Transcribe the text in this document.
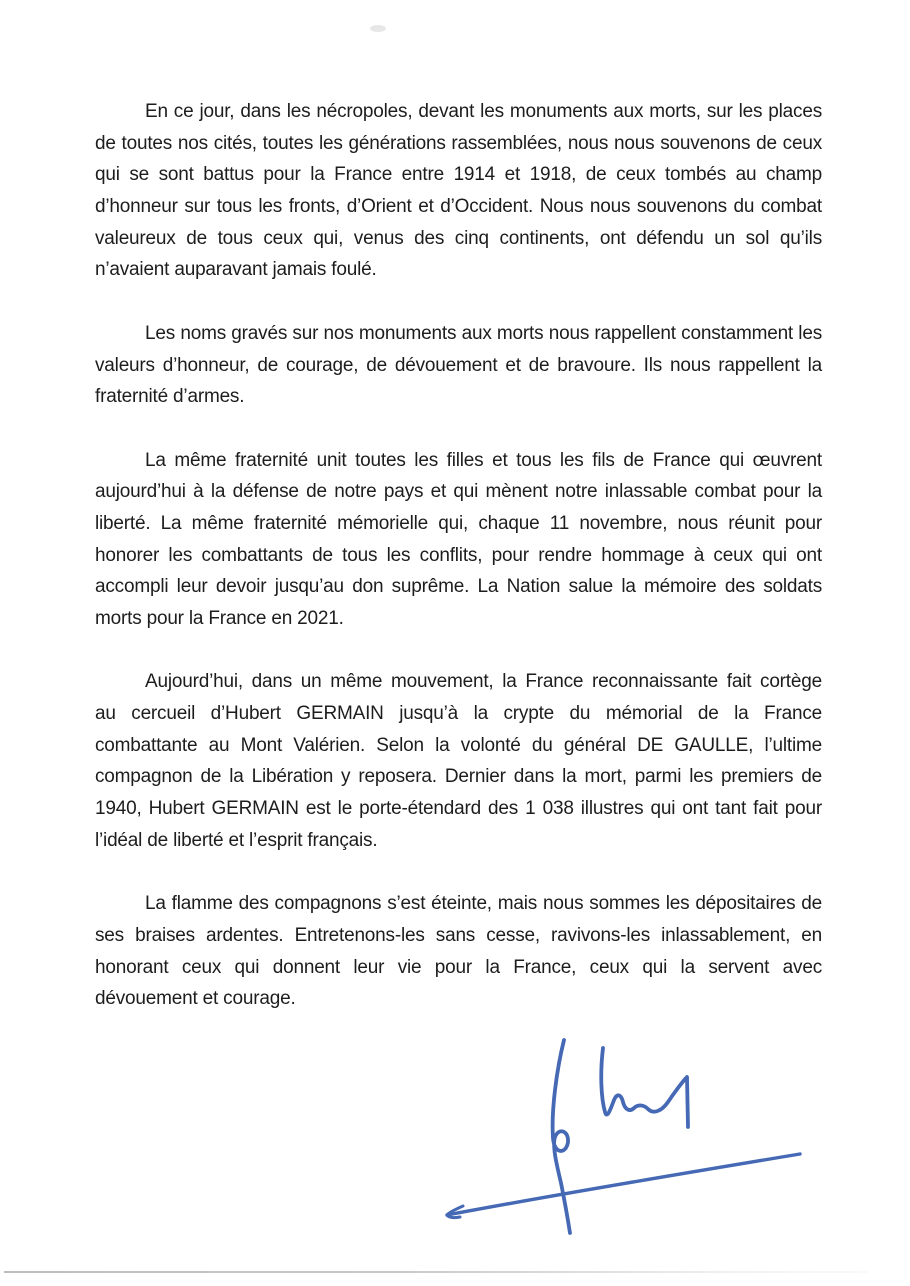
En ce jour, dans les nécropoles, devant les monuments aux morts, sur les places
de toutes nos cités, toutes les générations rassemblées, nous nous souvenons de ceux
qui se sont battus pour la France entre 1914 et 1918, de ceux tombés au champ
d’honneur sur tous les fronts, d’Orient et d’Occident. Nous nous souvenons du combat
valeureux de tous ceux qui, venus des cinq continents, ont défendu un sol qu’ils
n’avaient auparavant jamais foulé.
Les noms gravés sur nos monuments aux morts nous rappellent constamment les
valeurs d’honneur, de courage, de dévouement et de bravoure. Ils nous rappellent la
fraternité d’armes.
La même fraternité unit toutes les filles et tous les fils de France qui œuvrent
aujourd’hui à la défense de notre pays et qui mènent notre inlassable combat pour la
liberté. La même fraternité mémorielle qui, chaque 11 novembre, nous réunit pour
honorer les combattants de tous les conflits, pour rendre hommage à ceux qui ont
accompli leur devoir jusqu’au don suprême. La Nation salue la mémoire des soldats
morts pour la France en 2021.
Aujourd’hui, dans un même mouvement, la France reconnaissante fait cortège
au cercueil d’Hubert GERMAIN jusqu’à la crypte du mémorial de la France
combattante au Mont Valérien. Selon la volonté du général DE GAULLE, l’ultime
compagnon de la Libération y reposera. Dernier dans la mort, parmi les premiers de
1940, Hubert GERMAIN est le porte-étendard des 1 038 illustres qui ont tant fait pour
l’idéal de liberté et l’esprit français.
La flamme des compagnons s’est éteinte, mais nous sommes les dépositaires de
ses braises ardentes. Entretenons-les sans cesse, ravivons-les inlassablement, en
honorant ceux qui donnent leur vie pour la France, ceux qui la servent avec
dévouement et courage.
